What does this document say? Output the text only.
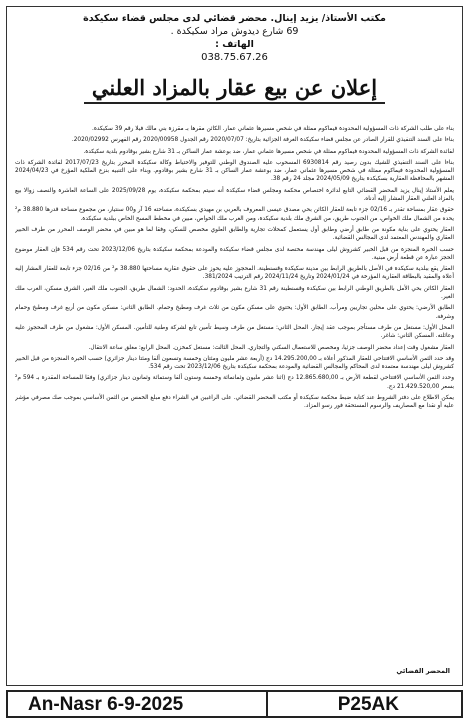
مكتب الأستاذ/ يزيد إينال. محضر قضائي لدى مجلس قضاء سكيكدة
69 شارع ديدوش مراد سكيكدة .
الهاتف :
038.75.67.26
إعلان عن بيع عقار بالمزاد العلني

بناء على طلب الشركة ذات المسؤولية المحدودة فيماكوم ممثلة في شخص مسيرها عثماني عمار. الكائن مقرها بـ مقرزة بني مالك فيلا رقم 39 سكيكدة.

بناءا على السند التنفيذي للقرار الصادر عن مجلس قضاء سكيكدة الغرفة الجزائية بتاريخ: 2020/07/07 رقم الجدول 2020/00958 رقم الفهرس 2020/02992.

لفائدة الشركة ذات المسؤولية المحدودة فيماكوم ممثلة في شخص مسيرها عثماني عمار، ضد بوعشة عمار الساكن بـ 31 شارع بشير بوقادوم بلدية سكيكدة.

بناءا على السند التنفيذي للشيك بدون رصيد رقم 6930814 المسحوب عليه الصندوق الوطني للتوفير والاحتياط وكالة سكيكدة المحرر بتاريخ 2017/07/23 لفائدة الشركة ذات المسؤولية المحدودة فيماكوم ممثلة في شخص مسيرها عثماني عمار، ضد بوعشة عمار الساكن بـ 31 شارع بشير بوقادوم. وبناء على التنبيه بنزع الملكية المؤرخ في 2024/04/23 المشهر بالمحافظة العقارية بسكيكدة بتاريخ 2024/05/09 مجلد 24 رقم 38.

يعلم الأستاذ إينال يزيد المحضر القضائي التابع لدائرة اختصاص محكمة ومجلس قضاء سكيكدة أنه سيتم بمحكمة سكيكدة، يوم 2025/09/28 على الساعة العاشرة والنصف زوالا بيع بالمزاد العلني العقار المشار إليه أدناه.

حقوق عقار بمساحة تقدر بـ 02/16 جزء تابعة للعقار الكائن بحي مصدق عيسى المعروف بالعربي بن مهيدي بسكيكدة، مساحته 16 آر و00 سنتيار، من مجموع مساحة قدرها 38.880 م² يحده من الشمال ملك الخواص، من الجنوب طريق، من الشرق ملك بلدية سكيكدة، ومن الغرب ملك الخواص، مبين في مخطط المسح الخاص ببلدية سكيكدة.

العقار يحتوي على بناية مكونة من طابق أرضي وطابق أول يستعمل كمحلات تجارية والطابق العلوي مخصص للسكن، وفقا لما هو مبين في محضر الوصف المحرر من طرف الخبير العقاري والمهندس المعتمد لدى المجالس القضائية.

حسب الخبرة المنجزة من قبل الخبير كشروش ليلى مهندسة مختصة لدى مجلس قضاء سكيكدة والمودعة بمحكمة سكيكدة بتاريخ 2023/12/06 تحت رقم 534 فإن العقار موضوع الحجز عبارة عن قطعة أرض مبنية.

العقار يقع ببلدية سكيكدة في الأصل بالطريق الرابط بين مدينة سكيكدة وقسنطينة. المحجوز عليه يحوز على حقوق عقارية مساحتها 38.880 م² من 02/16 جزء تابعة للعقار المشار إليه أعلاه والمقيد بالبطاقة العقارية المؤرخة في 2024/01/24 وتاريخ 2024/11/24 رقم الترتيب 381/2024.

العقار الكائن بحي الأمل بالطريق الوطني الرابط بين سكيكدة وقسنطينة رقم 31 شارع بشير بوقادوم سكيكدة، الحدود: الشمال طريق، الجنوب ملك الغير، الشرق مسكن، الغرب ملك الغير.

الطابق الأرضي: يحتوي على محلين تجاريين ومرأب. الطابق الأول: يحتوي على مسكن مكون من ثلاث غرف ومطبخ وحمام. الطابق الثاني: مسكن مكون من أربع غرف ومطبخ وحمام وشرفة.

المحل الأول: مستغل من طرف مستأجر بموجب عقد إيجار. المحل الثاني: مستغل من طرف وسيط تأمين تابع لشركة وطنية للتأمين. المسكن الأول: مشغول من طرف المحجوز عليه وعائلته. المسكن الثاني: شاغر.

العقار مشغول وقت إعداد محضر الوصف جزئيا، ومخصص للاستعمال السكني والتجاري. المحل الثالث: مستغل كمخزن. المحل الرابع: مغلق ساعة الانتقال.

وقد حدد الثمن الأساسي الافتتاحي للعقار المذكور أعلاه بـ 14.295.200,00 دج (أربعة عشر مليون ومئتان وخمسة وتسعون ألفا ومئتا دينار جزائري) حسب الخبرة المنجزة من قبل الخبير كشروش ليلى مهندسة معتمدة لدى المحاكم والمجالس القضائية والمودعة بمحكمة سكيكدة بتاريخ 2023/12/06 تحت رقم 534.

وحدد الثمن الأساسي الافتتاحي لقطعة الأرض بـ 12.865.680,00 دج (اثنا عشر مليون وثمانمائة وخمسة وستون ألفا وستمائة وثمانون دينار جزائري) وفقا للمساحة المقدرة بـ 594 م² بسعر 21.429.520,00 دج.

يمكن الاطلاع على دفتر الشروط عند كتابة ضبط محكمة سكيكدة أو مكتب المحضر القضائي. على الراغبين في الشراء دفع مبلغ الخمس من الثمن الأساسي بموجب صك مصرفي مؤشر عليه أو نقدا مع المصاريف والرسوم المستحقة فور رسو المزاد.

المحضر القضائي
An-Nasr 6-9-2025	P25AK
